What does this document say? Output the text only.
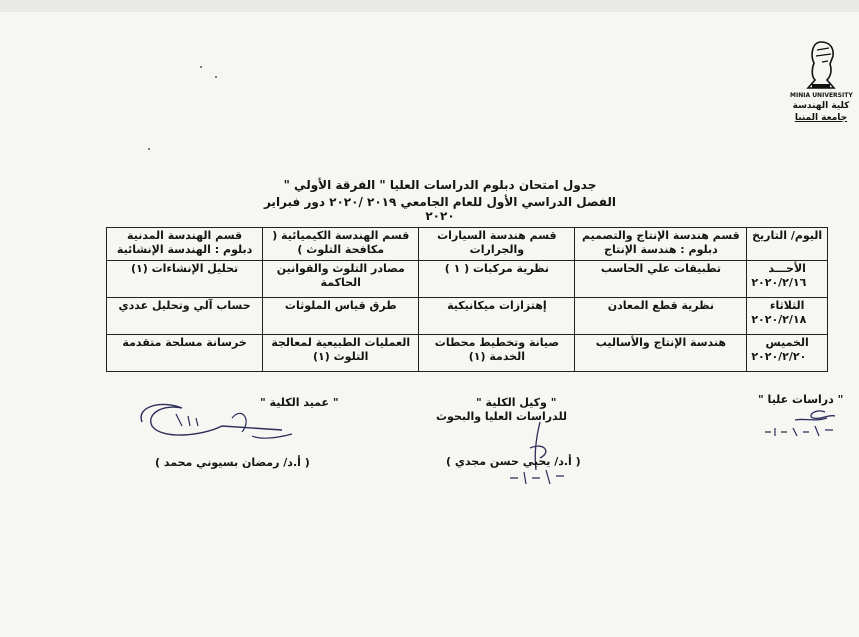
MINIA UNIVERSITY
كلية الهندسة
جامعة المنيا
جدول امتحان دبلوم الدراسات العليا " الفرقة الأولي "
الفصل الدراسي الأول للعام الجامعي ٢٠١٩ /٢٠٢٠ دور فبراير ٢٠٢٠
اليوم/ التاريخ	قسم هندسة الإنتاج والتصميم دبلوم : هندسة الإنتاج	قسم هندسة السيارات والجرارات	قسم الهندسة الكيميائية ( مكافحة التلوث )	قسم الهندسة المدنية دبلوم : الهندسة الإنشائية

الأحـــد
٢٠٢٠/٢/١٦	تطبيقات علي الحاسب	نظرية مركبات ( ١ )	مصادر التلوث والقوانين الحاكمة	تحليل الإنشاءات (١)

الثلاثاء
٢٠٢٠/٢/١٨	نظرية قطع المعادن	إهتزازات ميكانيكية	طرق قياس الملوثات	حساب آلي وتحليل عددي

الخميس
٢٠٢٠/٢/٢٠	هندسة الإنتاج والأساليب	صيانة وتخطيط محطات الخدمة (١)	العمليات الطبيعية لمعالجة التلوث (١)	خرسانة مسلحة متقدمة
" دراسات عليا "
" وكيل الكلية "
للدراسات العليا والبحوث
( أ.د/ يحيي حسن مجدي )
" عميد الكلية "
( أ.د/ رمضان بسيوني محمد )
